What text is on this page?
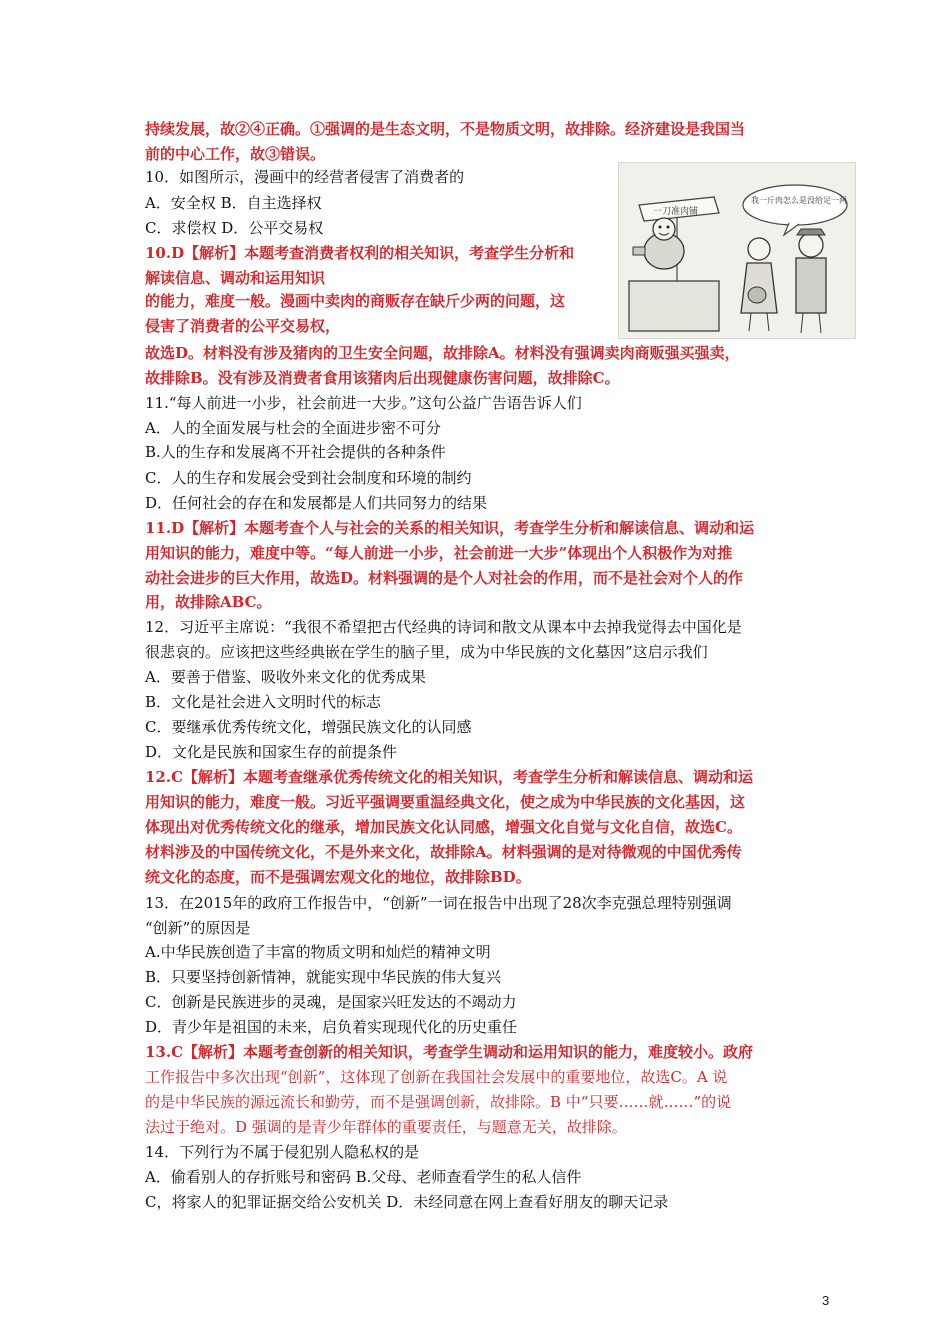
持续发展，故②④正确。①强调的是生态文明，不是物质文明，故排除。经济建设是我国当
前的中心工作，故③错误。
10．如图所示，漫画中的经营者侵害了消费者的
A．安全权 B．自主选择权
C．求偿权 D．公平交易权
10.D【解析】本题考查消费者权利的相关知识，考查学生分析和
解读信息、调动和运用知识
的能力，难度一般。漫画中卖肉的商贩存在缺斤少两的问题，这
侵害了消费者的公平交易权，
故选D。材料没有涉及猪肉的卫生安全问题，故排除A。材料没有强调卖肉商贩强买强卖，
故排除B。没有涉及消费者食用该猪肉后出现健康伤害问题，故排除C。
11.“每人前进一小步，社会前进一大步。”这句公益广告语告诉人们
A．人的全面发展与杜会的全面进步密不可分
B.人的生存和发展离不开社会提供的各种条件
C．人的生存和发展会受到社会制度和环境的制约
D．任何社会的存在和发展都是人们共同努力的结果
11.D【解析】本题考查个人与社会的关系的相关知识，考查学生分析和解读信息、调动和运
用知识的能力，难度中等。“每人前进一小步，社会前进一大步”体现出个人积极作为对推
动社会进步的巨大作用，故选D。材料强调的是个人对社会的作用，而不是社会对个人的作
用，故排除ABC。
12．习近平主席说：“我很不希望把古代经典的诗词和散文从课本中去掉我觉得去中国化是
很悲哀的。应该把这些经典嵌在学生的脑子里，成为中华民族的文化墓因”这启示我们
A．要善于借鉴、吸收外来文化的优秀成果
B．文化是社会进入文明时代的标志
C．要继承优秀传统文化，增强民族文化的认同感
D．文化是民族和国家生存的前提条件
12.C【解析】本题考查继承优秀传统文化的相关知识，考查学生分析和解读信息、调动和运
用知识的能力，难度一般。习近平强调要重温经典文化，使之成为中华民族的文化基因，这
体现出对优秀传统文化的继承，增加民族文化认同感，增强文化自觉与文化自信，故选C。
材料涉及的中国传统文化，不是外来文化，故排除A。材料强调的是对待微观的中国优秀传
统文化的态度，而不是强调宏观文化的地位，故排除BD。
13．在2015年的政府工作报告中，“创新”一词在报告中出现了28次李克强总理特别强调
“创新”的原因是
A.中华民族创造了丰富的物质文明和灿烂的精神文明
B．只要坚持创新情神，就能实现中华民族的伟大复兴
C．创新是民族进步的灵魂，是国家兴旺发达的不竭动力
D．青少年是祖国的未来，启负着实现现代化的历史重任
13.C【解析】本题考查创新的相关知识，考查学生调动和运用知识的能力，难度较小。政府
工作报告中多次出现“创新”，这体现了创新在我国社会发展中的重要地位，故选C。A 说
的是中华民族的源远流长和勤劳，而不是强调创新，故排除。B 中“只要……就……”的说
法过于绝对。D 强调的是青少年群体的重要责任，与题意无关，故排除。
14．下列行为不属于侵犯别人隐私权的是
A．偷看别人的存折账号和密码 B.父母、老师查看学生的私人信件
C，将家人的犯罪证据交给公安机关 D．未经同意在网上查看好朋友的聊天记录
一刀准肉铺
我一斤肉怎么是没给足一两
3
